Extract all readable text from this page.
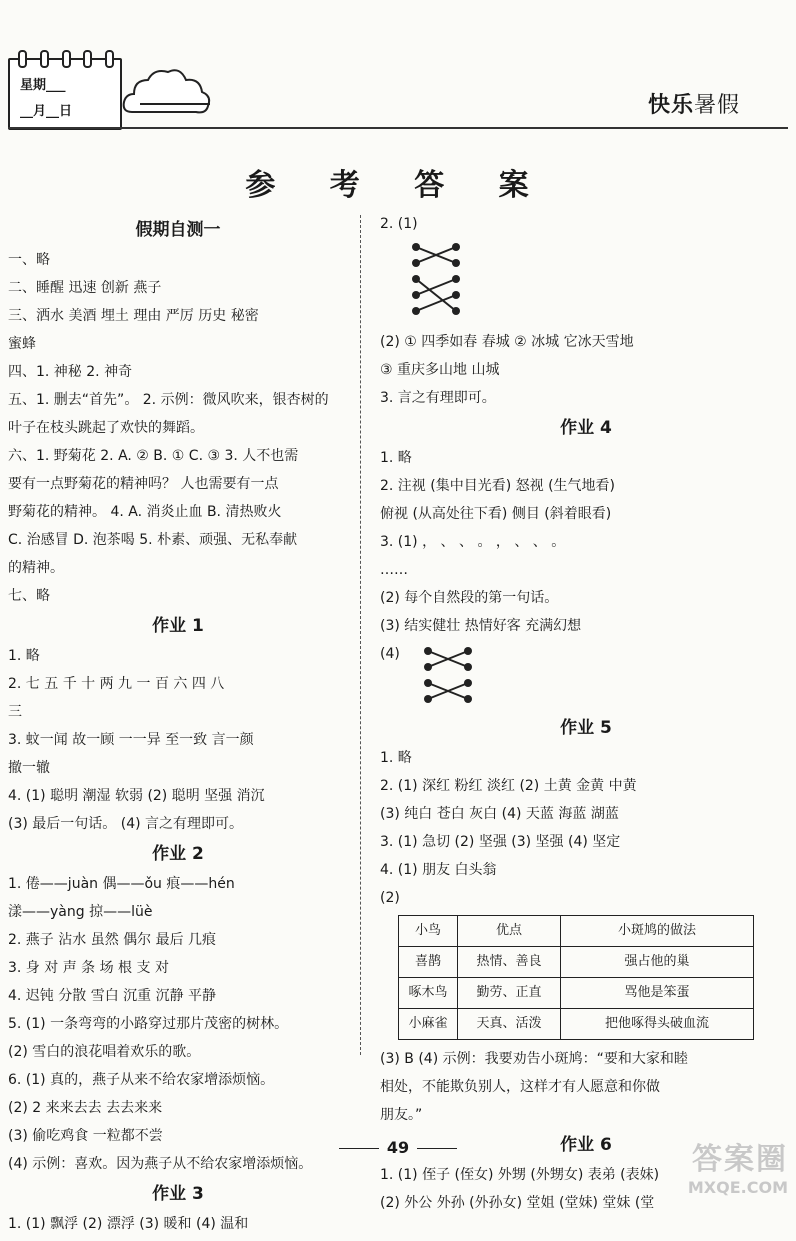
星期___
__月__日	快乐暑假
参 考 答 案
假期自测一
一、略
二、睡醒 迅速 创新 燕子
三、洒水 美酒 埋土 理由 严厉 历史 秘密
蜜蜂
四、1. 神秘 2. 神奇
五、1. 删去“首先”。 2. 示例：微风吹来，银杏树的
叶子在枝头跳起了欢快的舞蹈。
六、1. 野菊花 2. A. ② B. ① C. ③ 3. 人不也需
要有一点野菊花的精神吗？ 人也需要有一点
野菊花的精神。 4. A. 消炎止血 B. 清热败火
C. 治感冒 D. 泡茶喝 5. 朴素、顽强、无私奉献
的精神。
七、略
作业 1
1. 略
2. 七 五 千 十 两 九 一 百 六 四 八
三
3. 蚊一闻 故一顾 一一异 至一致 言一颜
撤一辙
4. (1) 聪明 潮湿 软弱 (2) 聪明 坚强 消沉
(3) 最后一句话。 (4) 言之有理即可。
作业 2
1. 倦——juàn 偶——ǒu 痕——hén
漾——yàng 掠——lüè
2. 燕子 沾水 虽然 偶尔 最后 几痕
3. 身 对 声 条 场 根 支 对
4. 迟钝 分散 雪白 沉重 沉静 平静
5. (1) 一条弯弯的小路穿过那片茂密的树林。
(2) 雪白的浪花唱着欢乐的歌。
6. (1) 真的，燕子从来不给农家增添烦恼。
(2) 2 来来去去 去去来来
(3) 偷吃鸡食 一粒都不尝
(4) 示例：喜欢。因为燕子从不给农家增添烦恼。
作业 3
1. (1) 飘浮 (2) 漂浮 (3) 暖和 (4) 温和
2. (1)
(2) ① 四季如春 春城 ② 冰城 它冰天雪地
③ 重庆多山地 山城
3. 言之有理即可。
作业 4
1. 略
2. 注视 (集中目光看) 怒视 (生气地看)
俯视 (从高处往下看) 侧目 (斜着眼看)
3. (1) ， 、 、 。 ， 、 、 。
……
(2) 每个自然段的第一句话。
(3) 结实健壮 热情好客 充满幻想
(4)
作业 5
1. 略
2. (1) 深红 粉红 淡红 (2) 土黄 金黄 中黄
(3) 纯白 苍白 灰白 (4) 天蓝 海蓝 湖蓝
3. (1) 急切 (2) 坚强 (3) 坚强 (4) 坚定
4. (1) 朋友 白头翁
(2)
小鸟	优点	小斑鸠的做法
喜鹊	热情、善良	强占他的巢
啄木鸟	勤劳、正直	骂他是笨蛋
小麻雀	天真、活泼	把他啄得头破血流
(3) B (4) 示例：我要劝告小斑鸠：“要和大家和睦
相处，不能欺负别人，这样才有人愿意和你做
朋友。”
作业 6
1. (1) 侄子 (侄女) 外甥 (外甥女) 表弟 (表妹)
(2) 外公 外孙 (外孙女) 堂姐 (堂妹) 堂妹 (堂
49	答案圈
MXQE.COM
